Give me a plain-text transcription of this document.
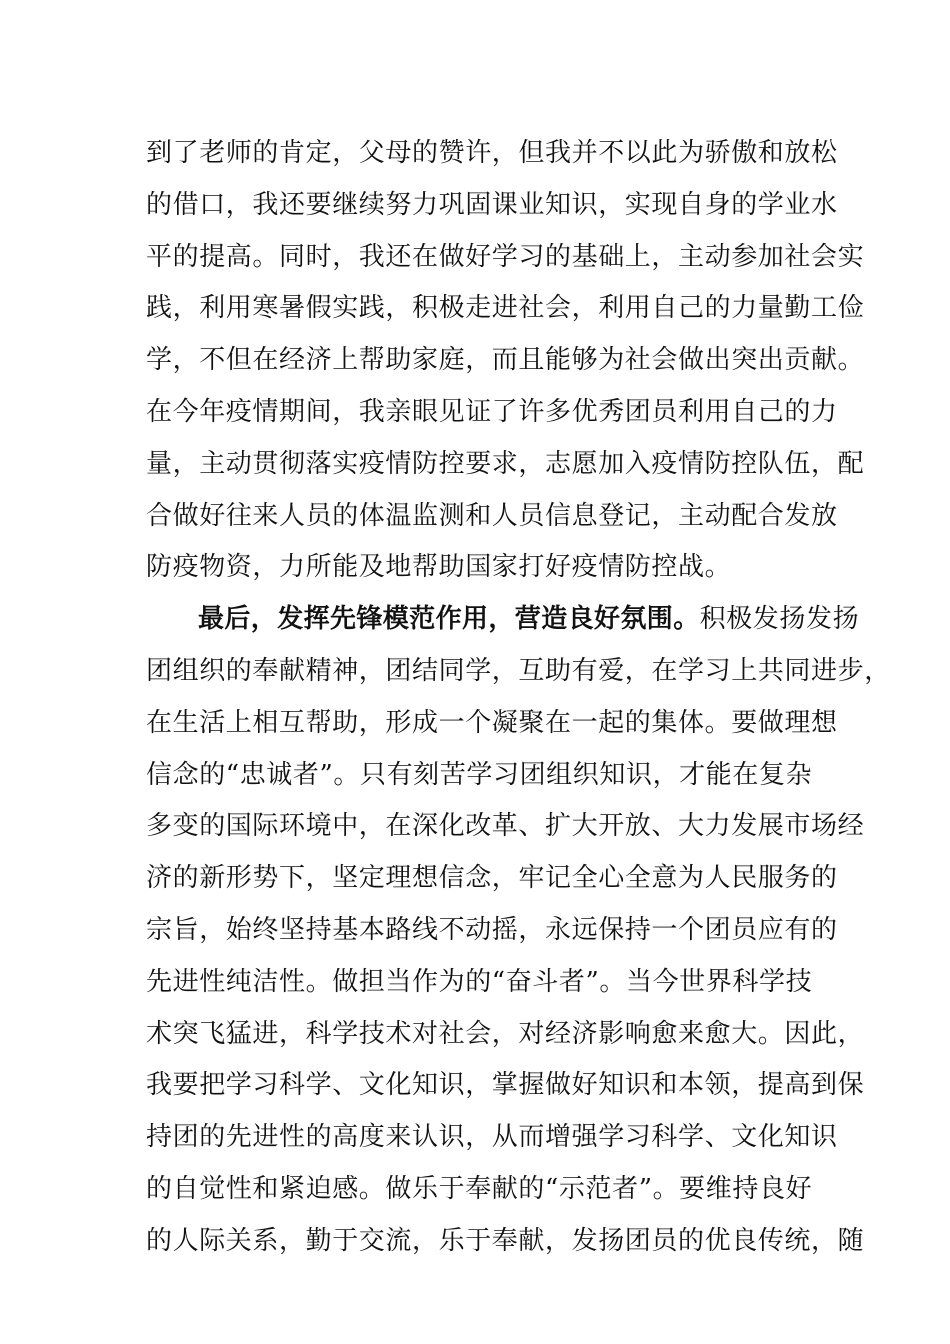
到了老师的肯定，父母的赞许，但我并不以此为骄傲和放松
的借口，我还要继续努力巩固课业知识，实现自身的学业水
平的提高。同时，我还在做好学习的基础上，主动参加社会实
践，利用寒暑假实践，积极走进社会，利用自己的力量勤工俭
学，不但在经济上帮助家庭，而且能够为社会做出突出贡献。
在今年疫情期间，我亲眼见证了许多优秀团员利用自己的力
量，主动贯彻落实疫情防控要求，志愿加入疫情防控队伍，配
合做好往来人员的体温监测和人员信息登记，主动配合发放
防疫物资，力所能及地帮助国家打好疫情防控战。
最后，发挥先锋模范作用，营造良好氛围。积极发扬发扬
团组织的奉献精神，团结同学，互助有爱，在学习上共同进步，
在生活上相互帮助，形成一个凝聚在一起的集体。要做理想
信念的“忠诚者”。只有刻苦学习团组织知识，才能在复杂
多变的国际环境中，在深化改革、扩大开放、大力发展市场经
济的新形势下，坚定理想信念，牢记全心全意为人民服务的
宗旨，始终坚持基本路线不动摇，永远保持一个团员应有的
先进性纯洁性。做担当作为的“奋斗者”。当今世界科学技
术突飞猛进，科学技术对社会，对经济影响愈来愈大。因此，
我要把学习科学、文化知识，掌握做好知识和本领，提高到保
持团的先进性的高度来认识，从而增强学习科学、文化知识
的自觉性和紧迫感。做乐于奉献的“示范者”。要维持良好
的人际关系，勤于交流，乐于奉献，发扬团员的优良传统，随
